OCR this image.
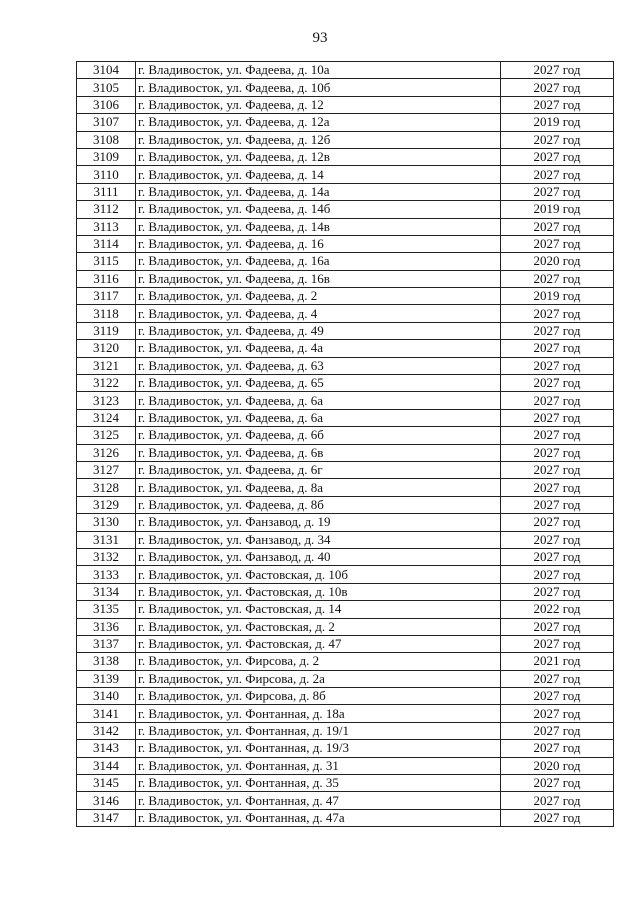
93
3104	г. Владивосток, ул. Фадеева, д. 10а	2027 год
3105	г. Владивосток, ул. Фадеева, д. 10б	2027 год
3106	г. Владивосток, ул. Фадеева, д. 12	2027 год
3107	г. Владивосток, ул. Фадеева, д. 12а	2019 год
3108	г. Владивосток, ул. Фадеева, д. 12б	2027 год
3109	г. Владивосток, ул. Фадеева, д. 12в	2027 год
3110	г. Владивосток, ул. Фадеева, д. 14	2027 год
3111	г. Владивосток, ул. Фадеева, д. 14а	2027 год
3112	г. Владивосток, ул. Фадеева, д. 14б	2019 год
3113	г. Владивосток, ул. Фадеева, д. 14в	2027 год
3114	г. Владивосток, ул. Фадеева, д. 16	2027 год
3115	г. Владивосток, ул. Фадеева, д. 16а	2020 год
3116	г. Владивосток, ул. Фадеева, д. 16в	2027 год
3117	г. Владивосток, ул. Фадеева, д. 2	2019 год
3118	г. Владивосток, ул. Фадеева, д. 4	2027 год
3119	г. Владивосток, ул. Фадеева, д. 49	2027 год
3120	г. Владивосток, ул. Фадеева, д. 4а	2027 год
3121	г. Владивосток, ул. Фадеева, д. 63	2027 год
3122	г. Владивосток, ул. Фадеева, д. 65	2027 год
3123	г. Владивосток, ул. Фадеева, д. 6а	2027 год
3124	г. Владивосток, ул. Фадеева, д. 6а	2027 год
3125	г. Владивосток, ул. Фадеева, д. 6б	2027 год
3126	г. Владивосток, ул. Фадеева, д. 6в	2027 год
3127	г. Владивосток, ул. Фадеева, д. 6г	2027 год
3128	г. Владивосток, ул. Фадеева, д. 8а	2027 год
3129	г. Владивосток, ул. Фадеева, д. 8б	2027 год
3130	г. Владивосток, ул. Фанзавод, д. 19	2027 год
3131	г. Владивосток, ул. Фанзавод, д. 34	2027 год
3132	г. Владивосток, ул. Фанзавод, д. 40	2027 год
3133	г. Владивосток, ул. Фастовская, д. 10б	2027 год
3134	г. Владивосток, ул. Фастовская, д. 10в	2027 год
3135	г. Владивосток, ул. Фастовская, д. 14	2022 год
3136	г. Владивосток, ул. Фастовская, д. 2	2027 год
3137	г. Владивосток, ул. Фастовская, д. 47	2027 год
3138	г. Владивосток, ул. Фирсова, д. 2	2021 год
3139	г. Владивосток, ул. Фирсова, д. 2а	2027 год
3140	г. Владивосток, ул. Фирсова, д. 8б	2027 год
3141	г. Владивосток, ул. Фонтанная, д. 18а	2027 год
3142	г. Владивосток, ул. Фонтанная, д. 19/1	2027 год
3143	г. Владивосток, ул. Фонтанная, д. 19/3	2027 год
3144	г. Владивосток, ул. Фонтанная, д. 31	2020 год
3145	г. Владивосток, ул. Фонтанная, д. 35	2027 год
3146	г. Владивосток, ул. Фонтанная, д. 47	2027 год
3147	г. Владивосток, ул. Фонтанная, д. 47а	2027 год
